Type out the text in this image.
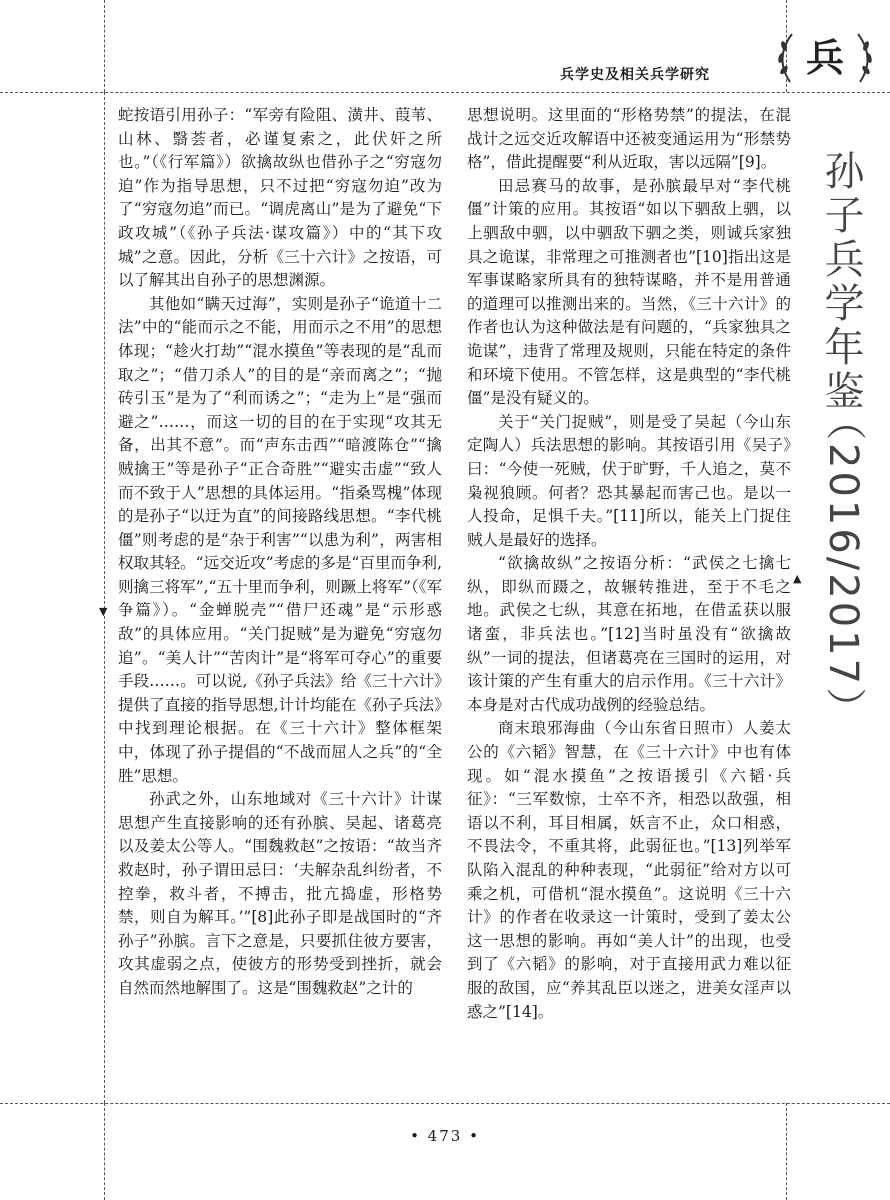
兵学史及相关兵学研究	兵
孙子兵学年鉴
（2016/2017）
▼
▲

蛇按语引用孙子：“军旁有险阻、潢井、葭苇、山林、翳荟者，必谨复索之，此伏奸之所也。”（《行军篇》）欲擒故纵也借孙子之“穷寇勿迫”作为指导思想，只不过把“穷寇勿迫”改为了“穷寇勿追”而已。“调虎离山”是为了避免“下政攻城”（《孙子兵法·谋攻篇》）中的“其下攻城”之意。因此，分析《三十六计》之按语，可以了解其出自孙子的思想渊源。

其他如“瞒天过海”，实则是孙子“诡道十二法”中的“能而示之不能，用而示之不用”的思想体现；“趁火打劫”“混水摸鱼”等表现的是“乱而取之”；“借刀杀人”的目的是“亲而离之”；“抛砖引玉”是为了“利而诱之”；“走为上”是“强而避之”……，而这一切的目的在于实现“攻其无备，出其不意”。而“声东击西”“暗渡陈仓”“擒贼擒王”等是孙子“正合奇胜”“避实击虚”“致人而不致于人”思想的具体运用。“指桑骂槐”体现的是孙子“以迂为直”的间接路线思想。“李代桃僵”则考虑的是“杂于利害”“以患为利”，两害相权取其轻。“远交近攻”考虑的多是“百里而争利,则擒三将军”,“五十里而争利，则蹶上将军”（《军争篇》）。“金蝉脱壳”“借尸还魂”是“示形惑敌”的具体应用。“关门捉贼”是为避免“穷寇勿追”。“美人计”“苦肉计”是“将军可夺心”的重要手段……。可以说,《孙子兵法》给《三十六计》提供了直接的指导思想,计计均能在《孙子兵法》中找到理论根据。在《三十六计》整体框架中，体现了孙子提倡的“不战而屈人之兵”的“全胜”思想。

孙武之外，山东地域对《三十六计》计谋思想产生直接影响的还有孙膑、吴起、诸葛亮以及姜太公等人。“围魏救赵”之按语：“故当齐救赵时，孙子谓田忌曰：‘夫解杂乱纠纷者，不控拳，救斗者，不搏击，批亢捣虚，形格势禁，则自为解耳。’”[8]此孙子即是战国时的“齐孙子”孙膑。言下之意是，只要抓住彼方要害，攻其虚弱之点，使彼方的形势受到挫折，就会自然而然地解围了。这是“围魏救赵”之计的

思想说明。这里面的“形格势禁”的提法，在混战计之远交近攻解语中还被变通运用为“形禁势格”，借此提醒要“利从近取，害以远隔”[9]。

田忌赛马的故事，是孙膑最早对“李代桃僵”计策的应用。其按语“如以下驷敌上驷，以上驷敌中驷，以中驷敌下驷之类，则诚兵家独具之诡谋，非常理之可推测者也”[10]指出这是军事谋略家所具有的独特谋略，并不是用普通的道理可以推测出来的。当然，《三十六计》的作者也认为这种做法是有问题的，“兵家独具之诡谋”，违背了常理及规则，只能在特定的条件和环境下使用。不管怎样，这是典型的“李代桃僵”是没有疑义的。

关于“关门捉贼”，则是受了吴起（今山东定陶人）兵法思想的影响。其按语引用《吴子》曰：“今使一死贼，伏于旷野，千人追之，莫不枭视狼顾。何者？恐其暴起而害己也。是以一人投命，足惧千夫。”[11]所以，能关上门捉住贼人是最好的选择。

“欲擒故纵”之按语分析：“武侯之七擒七纵，即纵而蹑之，故辗转推进，至于不毛之地。武侯之七纵，其意在拓地，在借孟获以服诸蛮，非兵法也。”[12]当时虽没有“欲擒故纵”一词的提法，但诸葛亮在三国时的运用，对该计策的产生有重大的启示作用。《三十六计》本身是对古代成功战例的经验总结。

商末琅邪海曲（今山东省日照市）人姜太公的《六韬》智慧，在《三十六计》中也有体现。如“混水摸鱼”之按语援引《六韬·兵征》：“三军数惊，士卒不齐，相恐以敌强，相语以不利，耳目相属，妖言不止，众口相惑，不畏法令，不重其将，此弱征也。”[13]列举军队陷入混乱的种种表现，“此弱征”给对方以可乘之机，可借机“混水摸鱼”。这说明《三十六计》的作者在收录这一计策时，受到了姜太公这一思想的影响。再如“美人计”的出现，也受到了《六韬》的影响，对于直接用武力难以征服的敌国，应“养其乱臣以迷之，进美女淫声以惑之”[14]。

• 473 •
